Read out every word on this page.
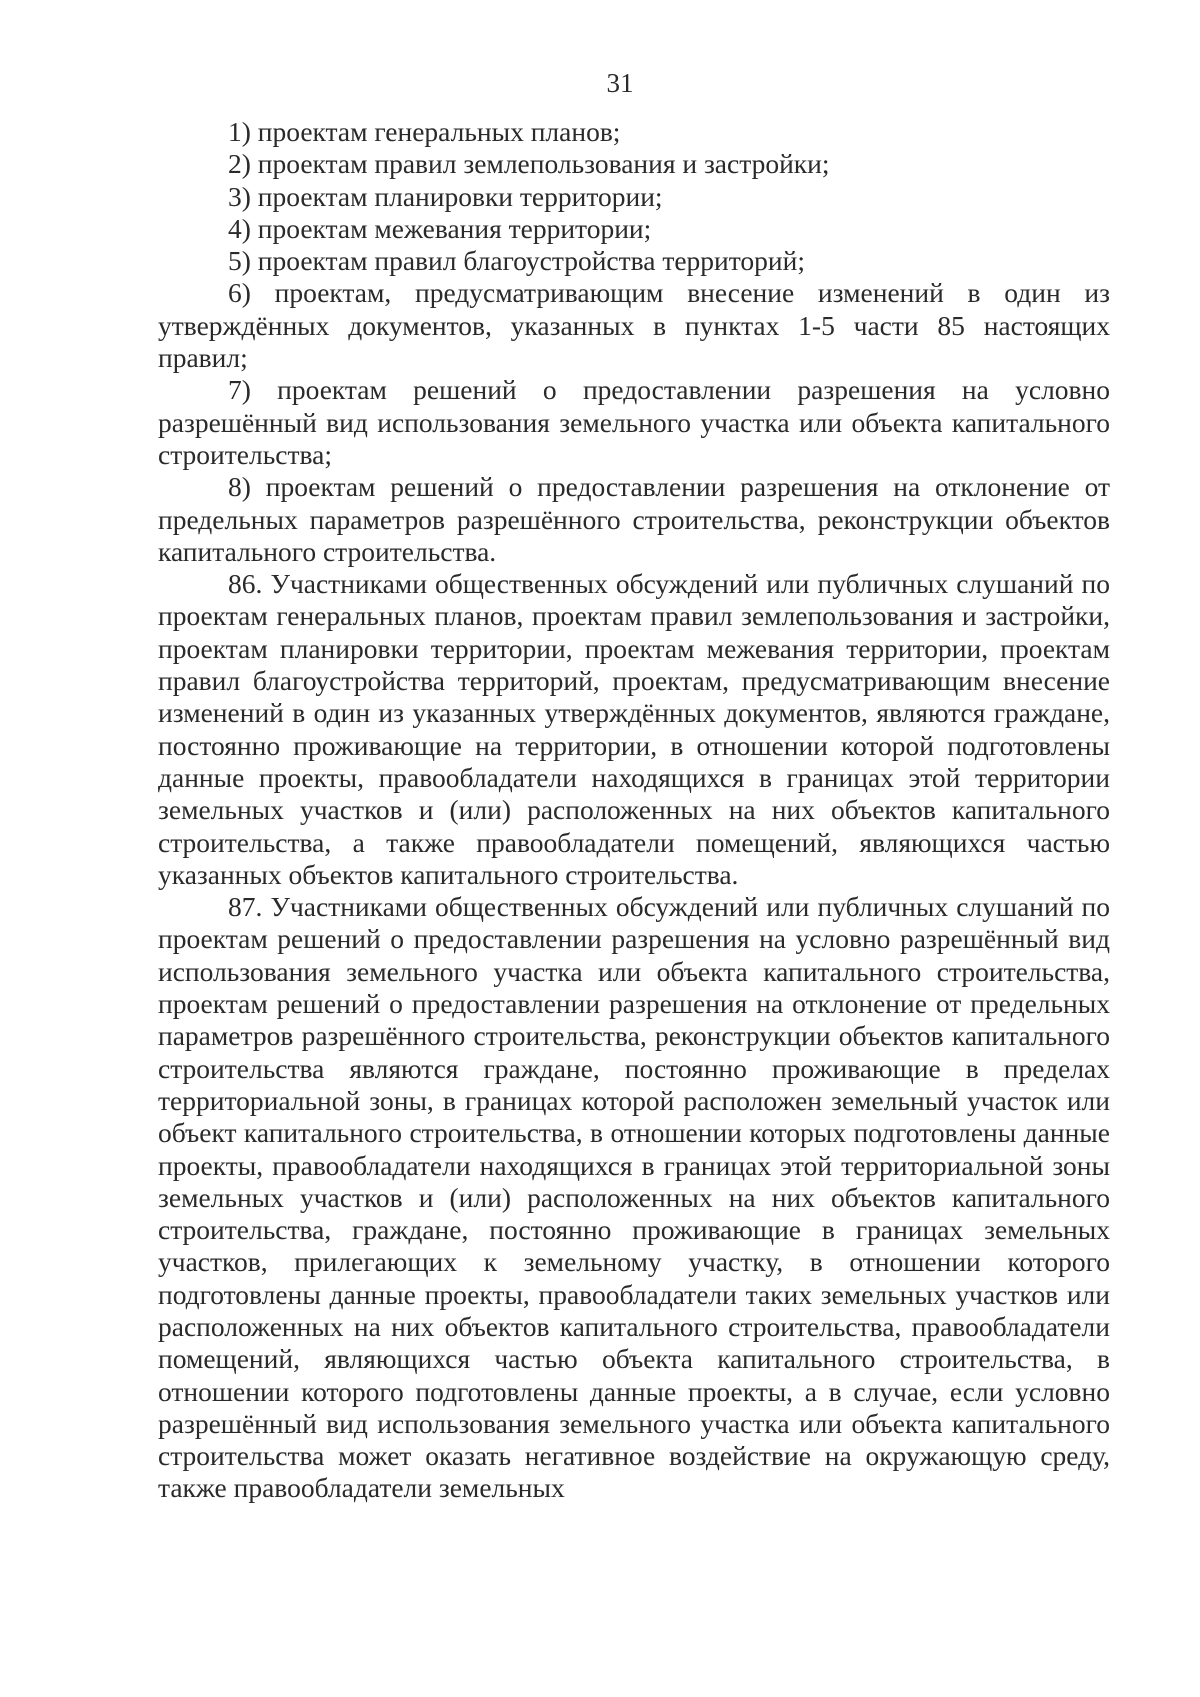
31

1) проектам генеральных планов;

2) проектам правил землепользования и застройки;

3) проектам планировки территории;

4) проектам межевания территории;

5) проектам правил благоустройства территорий;

6) проектам, предусматривающим внесение изменений в один из утверждённых документов, указанных в пунктах 1-5 части 85 настоящих правил;

7) проектам решений о предоставлении разрешения на условно разрешённый вид использования земельного участка или объекта капитального строительства;

8) проектам решений о предоставлении разрешения на отклонение от предельных параметров разрешённого строительства, реконструкции объектов капитального строительства.

86. Участниками общественных обсуждений или публичных слушаний по проектам генеральных планов, проектам правил землепользования и застройки, проектам планировки территории, проектам межевания территории, проектам правил благоустройства территорий, проектам, предусматривающим внесение изменений в один из указанных утверждённых документов, являются граждане, постоянно проживающие на территории, в отношении которой подготовлены данные проекты, правообладатели находящихся в границах этой территории земельных участков и (или) расположенных на них объектов капитального строительства, а также правообладатели помещений, являющихся частью указанных объектов капитального строительства.

87. Участниками общественных обсуждений или публичных слушаний по проектам решений о предоставлении разрешения на условно разрешённый вид использования земельного участка или объекта капитального строительства, проектам решений о предоставлении разрешения на отклонение от предельных параметров разрешённого строительства, реконструкции объектов капитального строительства являются граждане, постоянно проживающие в пределах территориальной зоны, в границах которой расположен земельный участок или объект капитального строительства, в отношении которых подготовлены данные проекты, правообладатели находящихся в границах этой территориальной зоны земельных участков и (или) расположенных на них объектов капитального строительства, граждане, постоянно проживающие в границах земельных участков, прилегающих к земельному участку, в отношении которого подготовлены данные проекты, правообладатели таких земельных участков или расположенных на них объектов капитального строительства, правообладатели помещений, являющихся частью объекта капитального строительства, в отношении которого подготовлены данные проекты, а в случае, если условно разрешённый вид использования земельного участка или объекта капитального строительства может оказать негативное воздействие на окружающую среду, также правообладатели земельных
